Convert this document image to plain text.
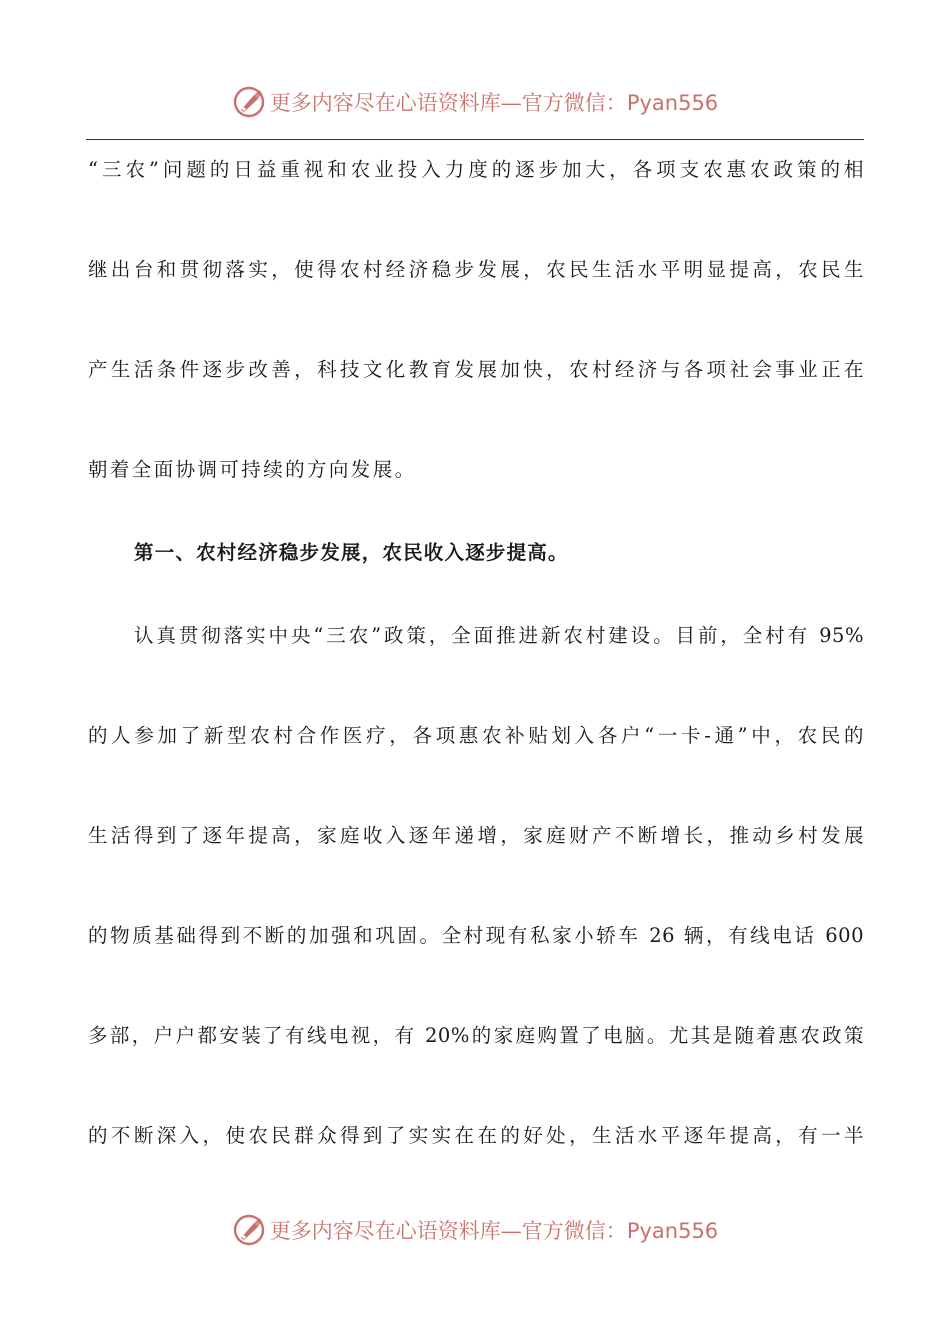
更多内容尽在心语资料库—官方微信：Pyan556
“三农”问题的日益重视和农业投入力度的逐步加大，各项支农惠农政策的相
继出台和贯彻落实，使得农村经济稳步发展，农民生活水平明显提高，农民生
产生活条件逐步改善，科技文化教育发展加快，农村经济与各项社会事业正在
朝着全面协调可持续的方向发展。
第一、农村经济稳步发展，农民收入逐步提高。
认真贯彻落实中央“三农”政策，全面推进新农村建设。目前，全村有 95%
的人参加了新型农村合作医疗，各项惠农补贴划入各户“一卡-通”中，农民的
生活得到了逐年提高，家庭收入逐年递增，家庭财产不断增长，推动乡村发展
的物质基础得到不断的加强和巩固。全村现有私家小轿车 26 辆，有线电话 600
多部，户户都安装了有线电视，有 20%的家庭购置了电脑。尤其是随着惠农政策
的不断深入，使农民群众得到了实实在在的好处，生活水平逐年提高，有一半
更多内容尽在心语资料库—官方微信：Pyan556
